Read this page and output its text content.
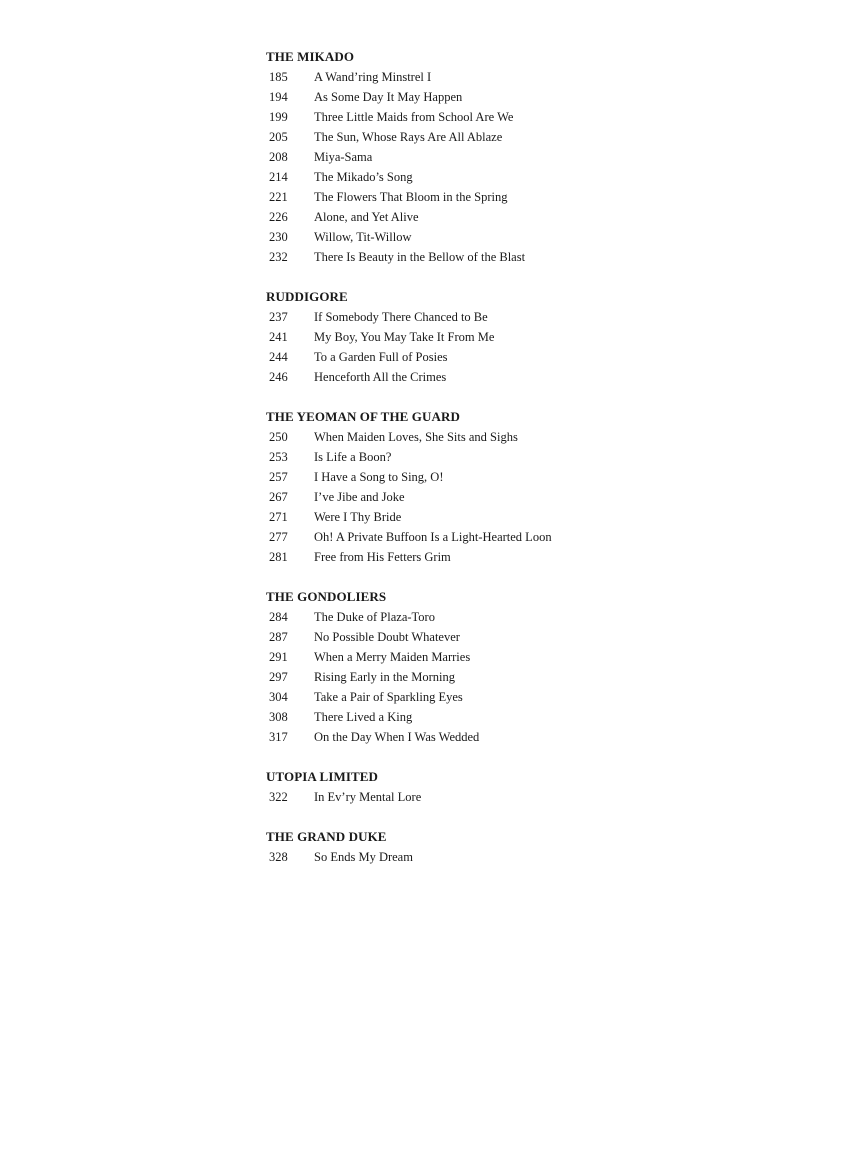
THE MIKADO
185	A Wand’ring Minstrel I
194	As Some Day It May Happen
199	Three Little Maids from School Are We
205	The Sun, Whose Rays Are All Ablaze
208	Miya-Sama
214	The Mikado’s Song
221	The Flowers That Bloom in the Spring
226	Alone, and Yet Alive
230	Willow, Tit-Willow
232	There Is Beauty in the Bellow of the Blast
RUDDIGORE
237	If Somebody There Chanced to Be
241	My Boy, You May Take It From Me
244	To a Garden Full of Posies
246	Henceforth All the Crimes
THE YEOMAN OF THE GUARD
250	When Maiden Loves, She Sits and Sighs
253	Is Life a Boon?
257	I Have a Song to Sing, O!
267	I’ve Jibe and Joke
271	Were I Thy Bride
277	Oh! A Private Buffoon Is a Light-Hearted Loon
281	Free from His Fetters Grim
THE GONDOLIERS
284	The Duke of Plaza-Toro
287	No Possible Doubt Whatever
291	When a Merry Maiden Marries
297	Rising Early in the Morning
304	Take a Pair of Sparkling Eyes
308	There Lived a King
317	On the Day When I Was Wedded
UTOPIA LIMITED
322	In Ev’ry Mental Lore
THE GRAND DUKE
328	So Ends My Dream
